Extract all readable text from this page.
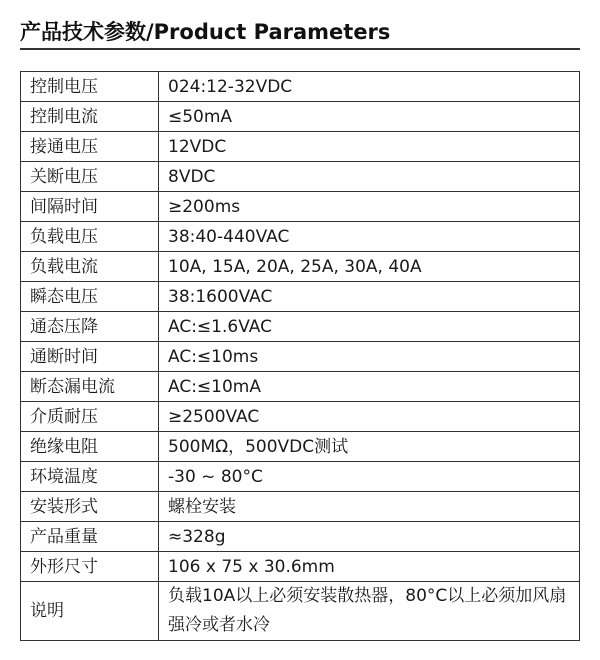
产品技术参数/Product Parameters
控制电压	024:12-32VDC
控制电流	≤50mA
接通电压	12VDC
关断电压	8VDC
间隔时间	≥200ms
负载电压	38:40-440VAC
负载电流	10A, 15A, 20A, 25A, 30A, 40A
瞬态电压	38:1600VAC
通态压降	AC:≤1.6VAC
通断时间	AC:≤10ms
断态漏电流	AC:≤10mA
介质耐压	≥2500VAC
绝缘电阻	500MΩ，500VDC测试
环境温度	-30 ~ 80°C
安装形式	螺栓安装
产品重量	≈328g
外形尺寸	106 x 75 x 30.6mm
说明	负载10A以上必须安装散热器，80°C以上必须加风扇强冷或者水冷
